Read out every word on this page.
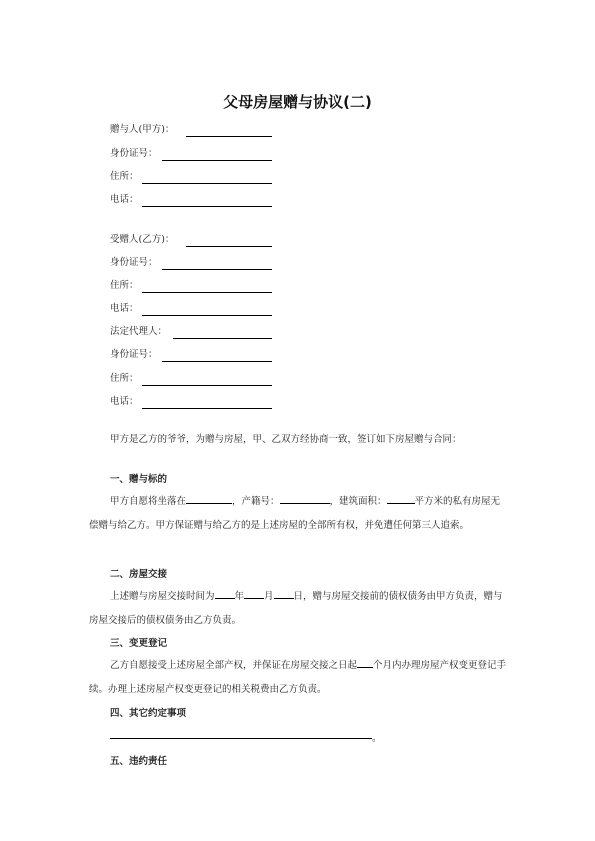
父母房屋赠与协议(二)
赠与人(甲方)：
身份证号：
住所：
电话：
受赠人(乙方)：
身份证号：
住所：
电话：
法定代理人：
身份证号：
住所：
电话：
甲方是乙方的爷爷，为赠与房屋，甲、乙双方经协商一致，签订如下房屋赠与合同：
一、赠与标的
甲方自愿将坐落在	，产籍号：	，建筑面积：	平方米的私有房屋无偿赠与给乙方。甲方保证赠与给乙方的是上述房屋的全部所有权，并免遭任何第三人追索。
二、房屋交接
上述赠与房屋交接时间为 年 月 日，赠与房屋交接前的债权债务由甲方负责，赠与房屋交接后的债权债务由乙方负责。
三、变更登记
乙方自愿接受上述房屋全部产权，并保证在房屋交接之日起 个月内办理房屋产权变更登记手续。办理上述房屋产权变更登记的相关税费由乙方负责。
四、其它约定事项
。
五、违约责任
